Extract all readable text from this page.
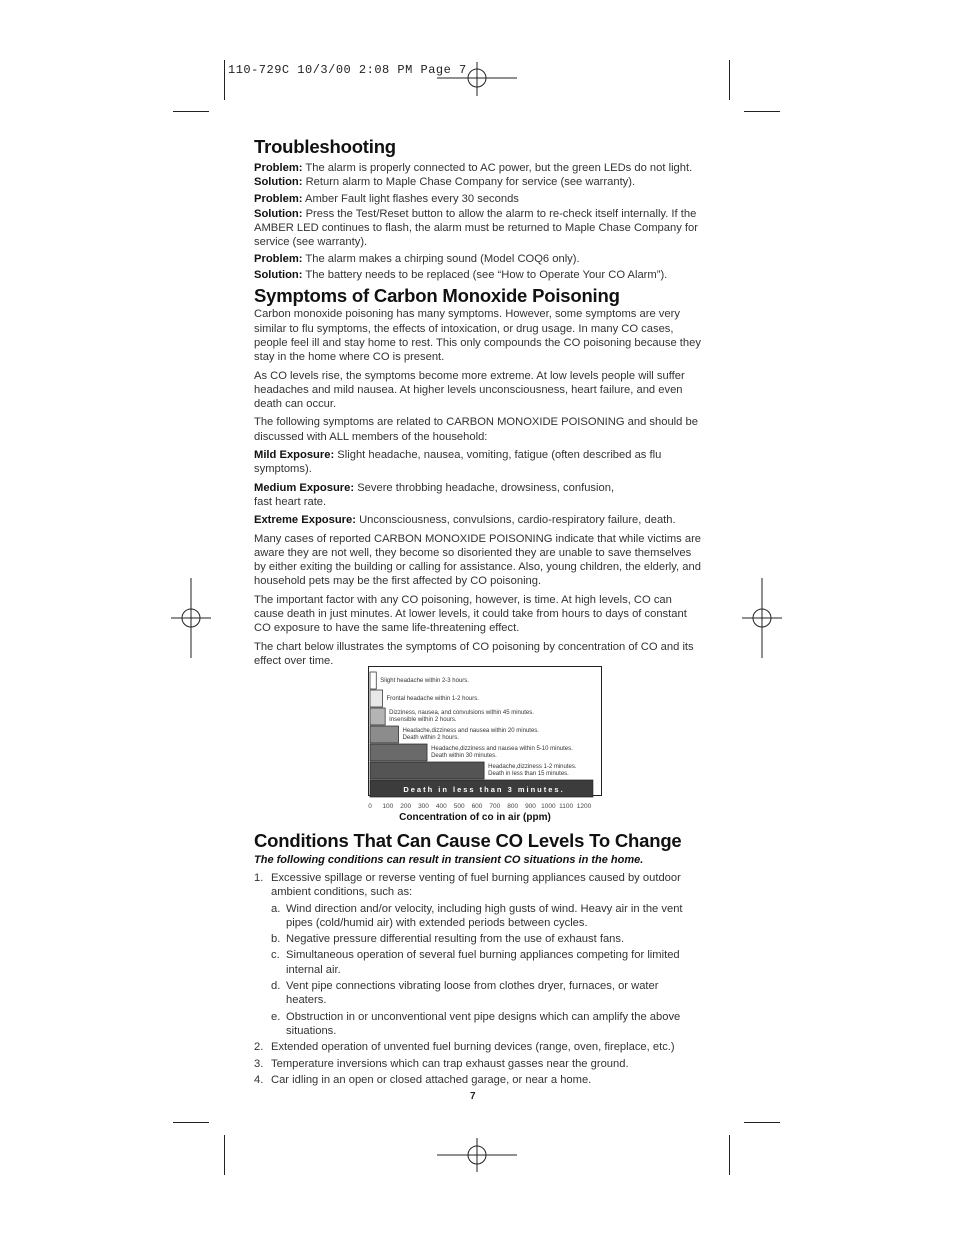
110-729C 10/3/00 2:08 PM Page 7
Troubleshooting

Problem: The alarm is properly connected to AC power, but the green LEDs do not light.

Solution: Return alarm to Maple Chase Company for service (see warranty).

Problem: Amber Fault light flashes every 30 seconds

Solution: Press the Test/Reset button to allow the alarm to re-check itself internally. If the AMBER LED continues to flash, the alarm must be returned to Maple Chase Company for service (see warranty).

Problem: The alarm makes a chirping sound (Model COQ6 only).

Solution: The battery needs to be replaced (see “How to Operate Your CO Alarm”).

Symptoms of Carbon Monoxide Poisoning

Carbon monoxide poisoning has many symptoms. However, some symptoms are very similar to flu symptoms, the effects of intoxication, or drug usage. In many CO cases, people feel ill and stay home to rest. This only compounds the CO poisoning because they stay in the home where CO is present.

As CO levels rise, the symptoms become more extreme. At low levels people will suffer headaches and mild nausea. At higher levels unconsciousness, heart failure, and even death can occur.

The following symptoms are related to CARBON MONOXIDE POISONING and should be discussed with ALL members of the household:

Mild Exposure: Slight headache, nausea, vomiting, fatigue (often described as flu symptoms).

Medium Exposure: Severe throbbing headache, drowsiness, confusion, fast heart rate.

Extreme Exposure: Unconsciousness, convulsions, cardio-respiratory failure, death.

Many cases of reported CARBON MONOXIDE POISONING indicate that while victims are aware they are not well, they become so disoriented they are unable to save themselves by either exiting the building or calling for assistance. Also, young children, the elderly, and household pets may be the first affected by CO poisoning.

The important factor with any CO poisoning, however, is time. At high levels, CO can cause death in just minutes. At lower levels, it could take from hours to days of constant CO exposure to have the same life-threatening effect.

The chart below illustrates the symptoms of CO poisoning by concentration of CO and its effect over time.

Slight headache within 2-3 hours.
Frontal headache within 1-2 hours.
Dizziness, nausea, and convulsions within 45 minutes. Insensible within 2 hours.
Headache,dizziness and nausea within 20 minutes. Death within 2 hours.
Headache,dizziness and nausea within 5-10 minutes. Death within 30 minutes.
Headache,dizziness 1-2 minutes. Death in less than 15 minutes.
Death in less than 3 minutes.
0 100 200 300 400 500 600 700 800 900 1000 1100 1200
Concentration of co in air (ppm)
Conditions That Can Cause CO Levels To Change

The following conditions can result in transient CO situations in the home.

1. Excessive spillage or reverse venting of fuel burning appliances caused by outdoor ambient conditions, such as:
a. Wind direction and/or velocity, including high gusts of wind. Heavy air in the vent pipes (cold/humid air) with extended periods between cycles.
b. Negative pressure differential resulting from the use of exhaust fans.
c. Simultaneous operation of several fuel burning appliances competing for limited internal air.
d. Vent pipe connections vibrating loose from clothes dryer, furnaces, or water heaters.
e. Obstruction in or unconventional vent pipe designs which can amplify the above situations.
2. Extended operation of unvented fuel burning devices (range, oven, fireplace, etc.)
3. Temperature inversions which can trap exhaust gasses near the ground.
4. Car idling in an open or closed attached garage, or near a home.
7
